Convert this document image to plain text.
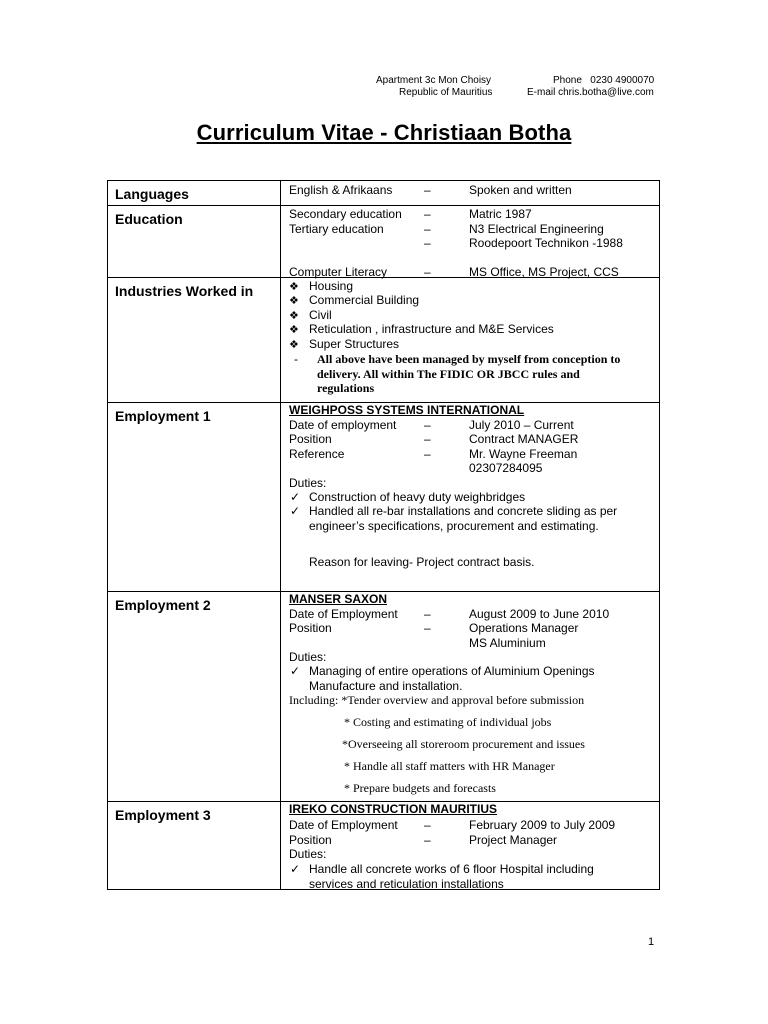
Apartment 3c Mon Choisy
Republic of Mauritius
Phone 0230 4900070
E-mail chris.botha@live.com
Curriculum Vitae - Christiaan Botha
Languages	English & Afrikaans	–	Spoken and written
Education	Secondary education –	Matric 1987
Tertiary education	–	N3 Electrical Engineering
–	Roodepoort Technikon -1988
Computer Literacy	–	MS Office, MS Project, CCS
Industries Worked in	❖ Housing
❖ Commercial Building
❖ Civil
❖ Reticulation , infrastructure and M&E Services
❖ Super Structures
- All above have been managed by myself from conception to
delivery. All within The FIDIC OR JBCC rules and
regulations
Employment 1	WEIGHPOSS SYSTEMS INTERNATIONAL
Date of employment –	July 2010 – Current
Position	–	Contract MANAGER
Reference	–	Mr. Wayne Freeman
02307284095
Duties:
✓ Construction of heavy duty weighbridges
✓ Handled all re-bar installations and concrete sliding as per
engineer’s specifications, procurement and estimating.
Reason for leaving- Project contract basis.
Employment 2	MANSER SAXON
Date of Employment –	August 2009 to June 2010
Position	–	Operations Manager
MS Aluminium
Duties:
✓ Managing of entire operations of Aluminium Openings
Manufacture and installation.
Including: *Tender overview and approval before submission
* Costing and estimating of individual jobs
*Overseeing all storeroom procurement and issues
* Handle all staff matters with HR Manager
* Prepare budgets and forecasts
Employment 3	IREKO CONSTRUCTION MAURITIUS
Date of Employment –	February 2009 to July 2009
Position	–	Project Manager
Duties:
✓ Handle all concrete works of 6 floor Hospital including
services and reticulation installations
1
